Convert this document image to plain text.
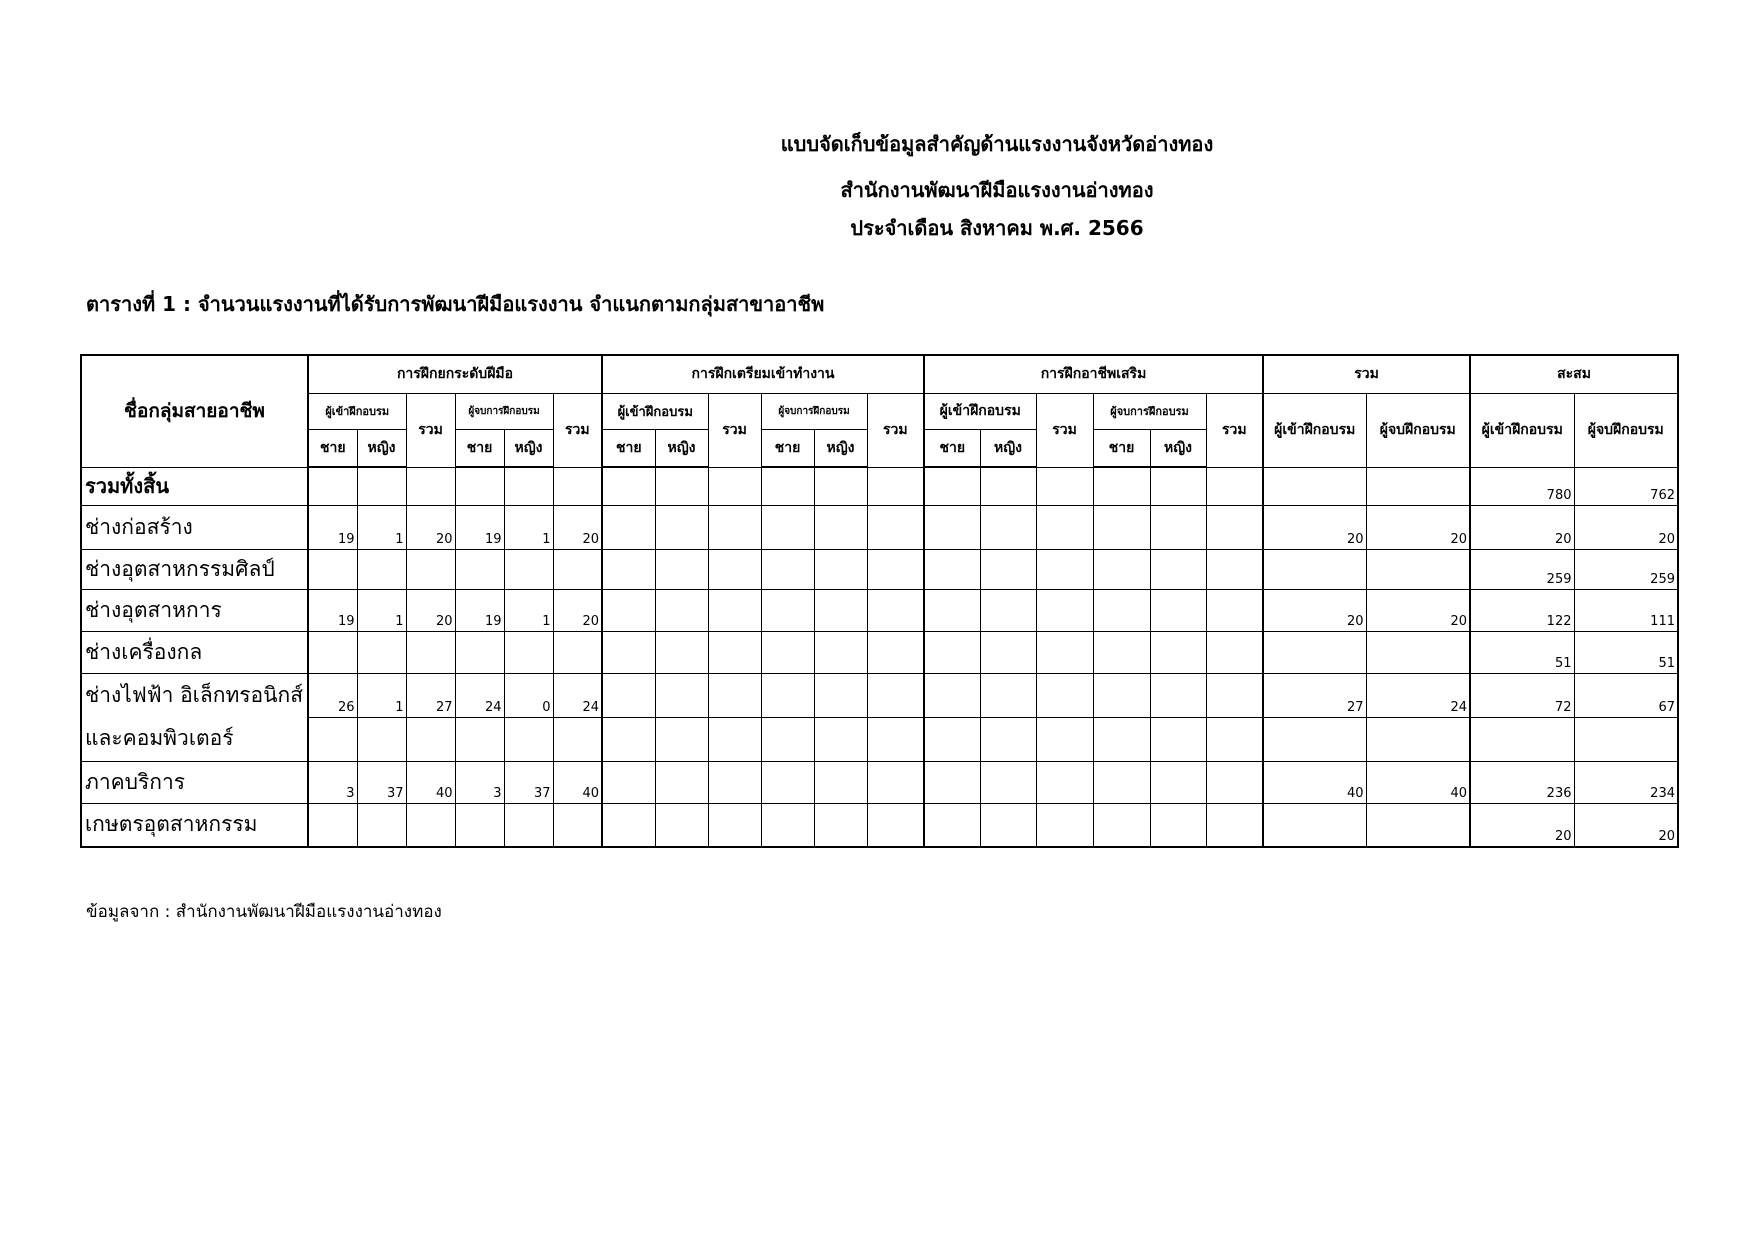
แบบจัดเก็บข้อมูลสำคัญด้านแรงงานจังหวัดอ่างทอง
สำนักงานพัฒนาฝีมือแรงงานอ่างทอง
ประจำเดือน สิงหาคม พ.ศ. 2566
ตารางที่ 1 : จำนวนแรงงานที่ได้รับการพัฒนาฝีมือแรงงาน จำแนกตามกลุ่มสาขาอาชีพ
ชื่อกลุ่มสายอาชีพ	การฝึกยกระดับฝีมือ						การฝึกเตรียมเข้าทำงาน						การฝึกอาชีพเสริม						รวม		สะสม	
	ผู้เข้าฝึกอบรม		รวม	ผู้จบการฝึกอบรม		รวม	ผู้เข้าฝึกอบรม		รวม	ผู้จบการฝึกอบรม		รวม	ผู้เข้าฝึกอบรม		รวม	ผู้จบการฝึกอบรม		รวม	ผู้เข้าฝึกอบรม	ผู้จบฝึกอบรม	ผู้เข้าฝึกอบรม	ผู้จบฝึกอบรม
	ชาย	หญิง		ชาย	หญิง		ชาย	หญิง		ชาย	หญิง		ชาย	หญิง		ชาย	หญิง					
รวมทั้งสิ้น																					780	762
ช่างก่อสร้าง	19	1	20	19	1	20													20	20	20	20
ช่างอุตสาหกรรมศิลป์																					259	259
ช่างอุตสาหการ	19	1	20	19	1	20													20	20	122	111
ช่างเครื่องกล																					51	51
ช่างไฟฟ้า อิเล็กทรอนิกส์	26	1	27	24	0	24													27	24	72	67
และคอมพิวเตอร์																						
ภาคบริการ	3	37	40	3	37	40													40	40	236	234
เกษตรอุตสาหกรรม																					20	20
ข้อมูลจาก : สำนักงานพัฒนาฝีมือแรงงานอ่างทอง
